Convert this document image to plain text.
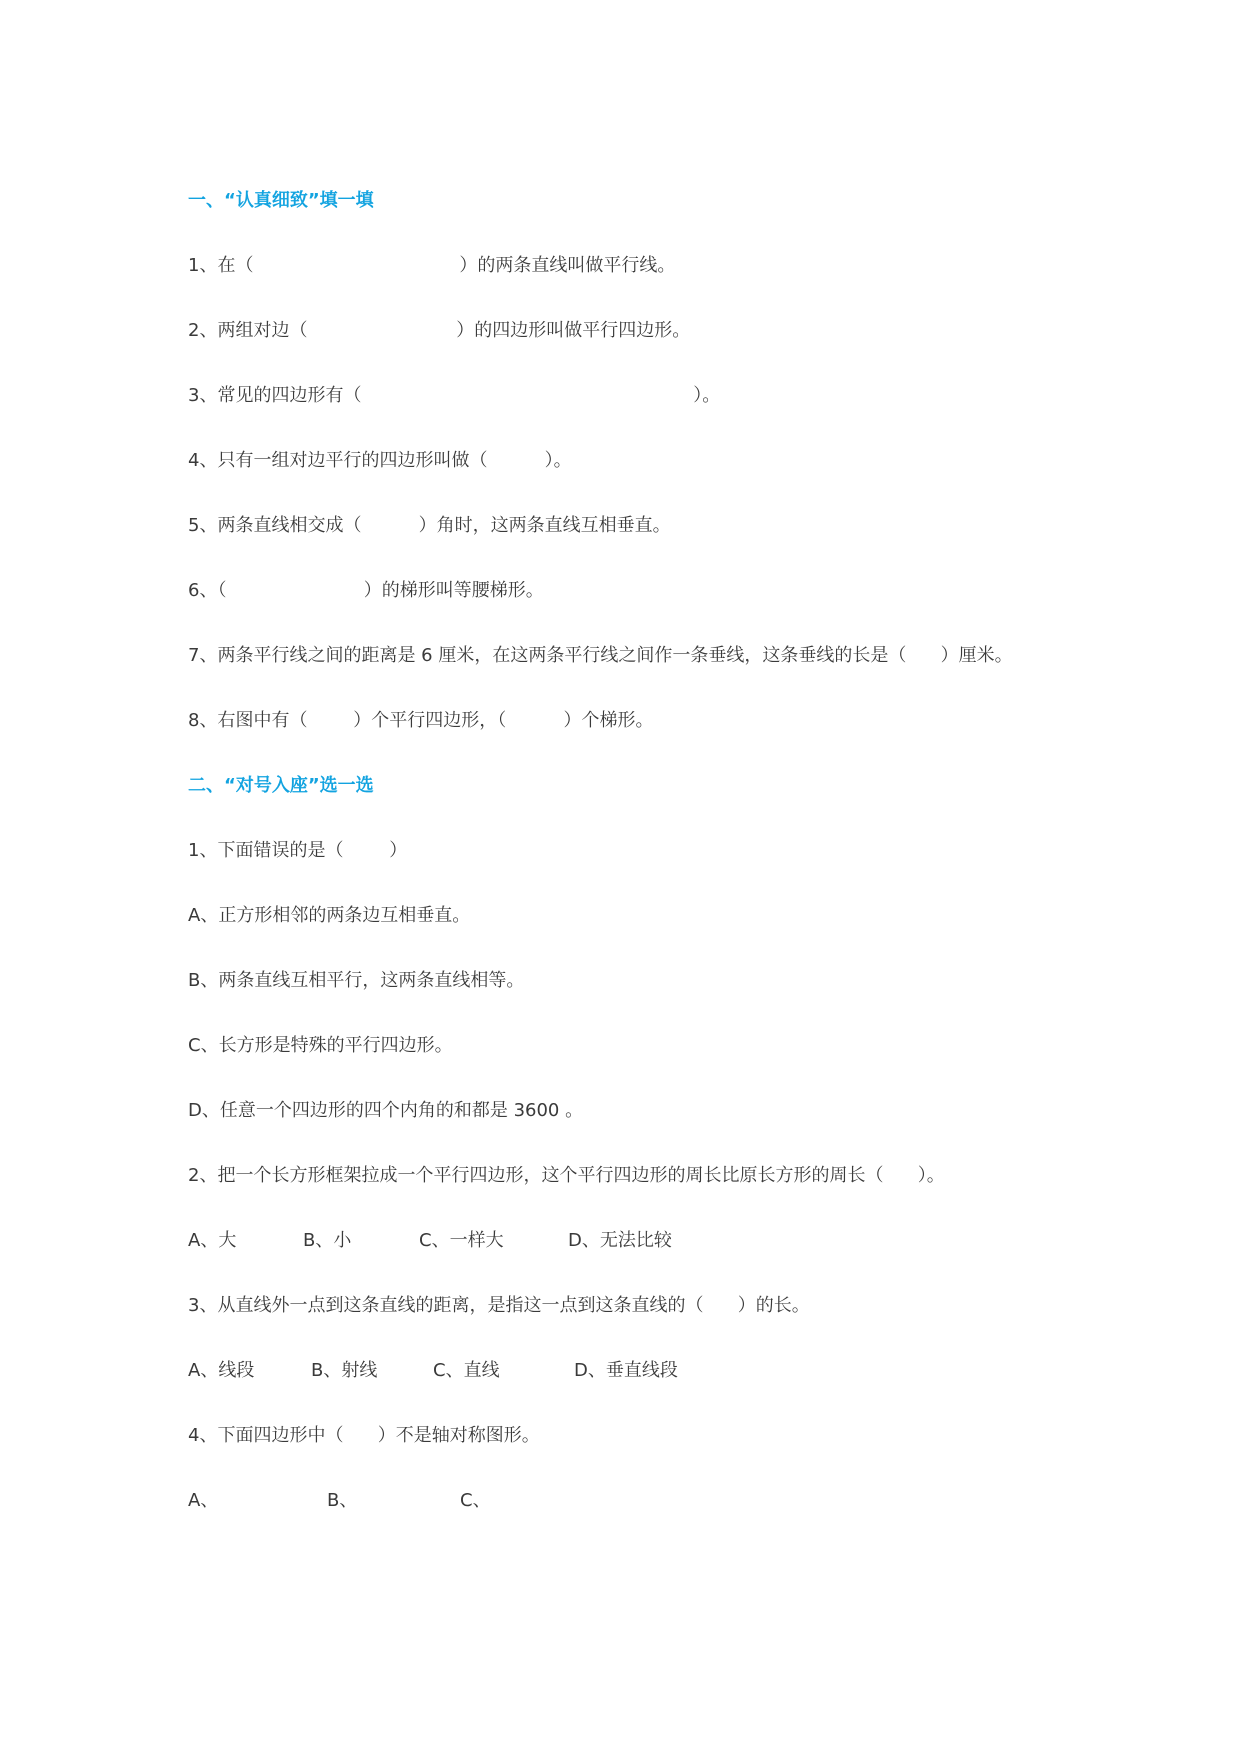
一、“认真细致”填一填
1、在（                                    ）的两条直线叫做平行线。
2、两组对边（                          ）的四边形叫做平行四边形。
3、常见的四边形有（                                                          ）。
4、只有一组对边平行的四边形叫做（          ）。
5、两条直线相交成（          ）角时，这两条直线互相垂直。
6、（                        ）的梯形叫等腰梯形。
7、两条平行线之间的距离是 6 厘米，在这两条平行线之间作一条垂线，这条垂线的长是（      ）厘米。
8、右图中有（        ）个平行四边形，（          ）个梯形。
二、“对号入座”选一选
1、下面错误的是（        ）
A、正方形相邻的两条边互相垂直。
B、两条直线互相平行，这两条直线相等。
C、长方形是特殊的平行四边形。
D、任意一个四边形的四个内角的和都是 3600 。
2、把一个长方形框架拉成一个平行四边形，这个平行四边形的周长比原长方形的周长（      ）。
A、大	B、小	C、一样大	D、无法比较
3、从直线外一点到这条直线的距离，是指这一点到这条直线的（      ）的长。
A、线段	B、射线	C、直线	D、垂直线段
4、下面四边形中（      ）不是轴对称图形。
A、	B、	C、
